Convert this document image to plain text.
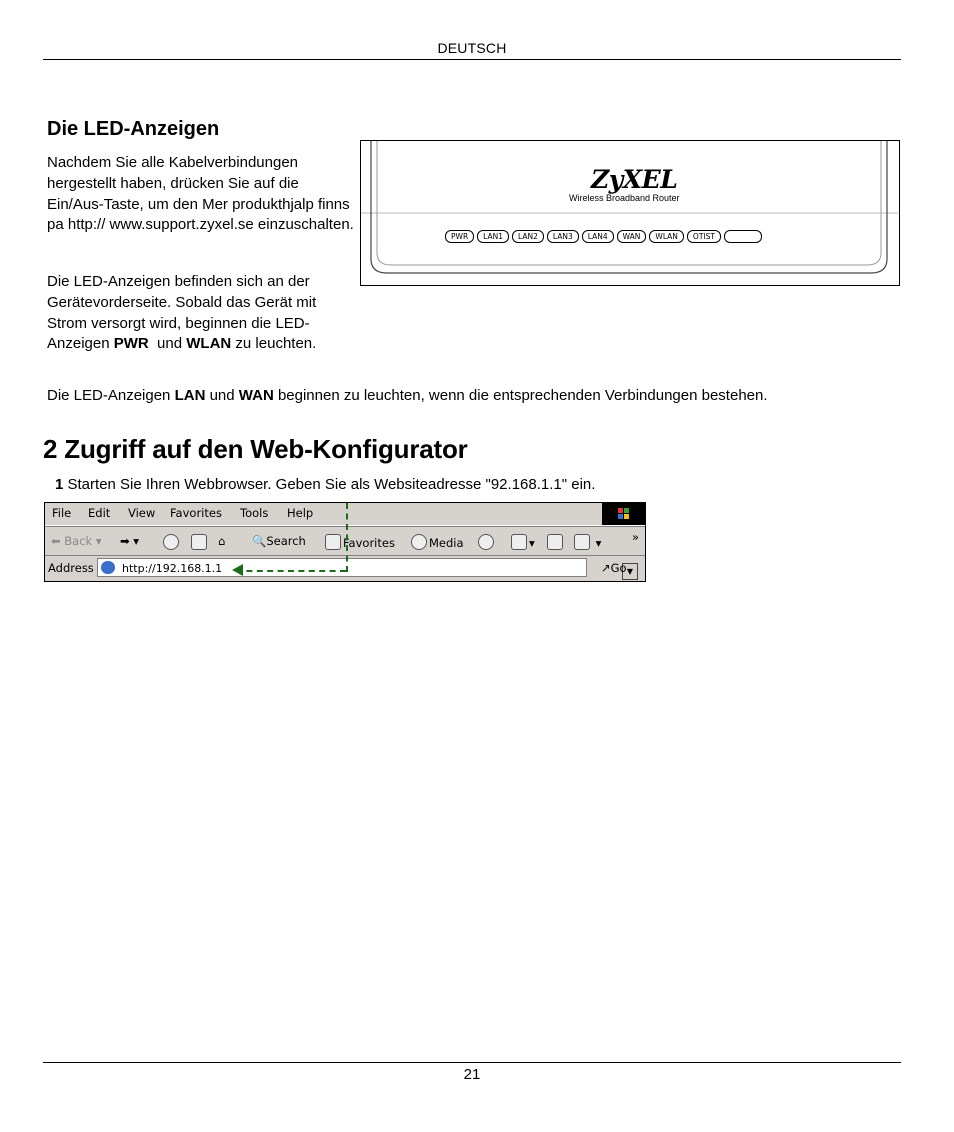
DEUTSCH
Die LED-Anzeigen
Nachdem Sie alle Kabelverbindungen hergestellt haben, drücken Sie auf die Ein/Aus-Taste, um den Mer produkthjalp finns pa http:// www.support.zyxel.se einzuschalten.
Die LED-Anzeigen befinden sich an der Gerätevorderseite. Sobald das Gerät mit Strom versorgt wird, beginnen die LED-Anzeigen PWR  und WLAN zu leuchten.
Die LED-Anzeigen LAN und WAN beginnen zu leuchten, wenn die entsprechenden Verbindungen bestehen.
ZyXEL
Wireless Broadband Router
PWR	LAN1	LAN2	LAN3	LAN4	WAN	WLAN	OTIST
2 Zugriff auf den Web-Konfigurator
1 Starten Sie Ihren Webbrowser. Geben Sie als Websiteadresse "92.168.1.1" ein.
File Edit View Favorites Tools Help
⬅ Back ▾ ➡ ▾	⌂ 🔍Search	Favorites	Media	▾	▾	»
Address	http://192.168.1.1	▼
↗Go
21
